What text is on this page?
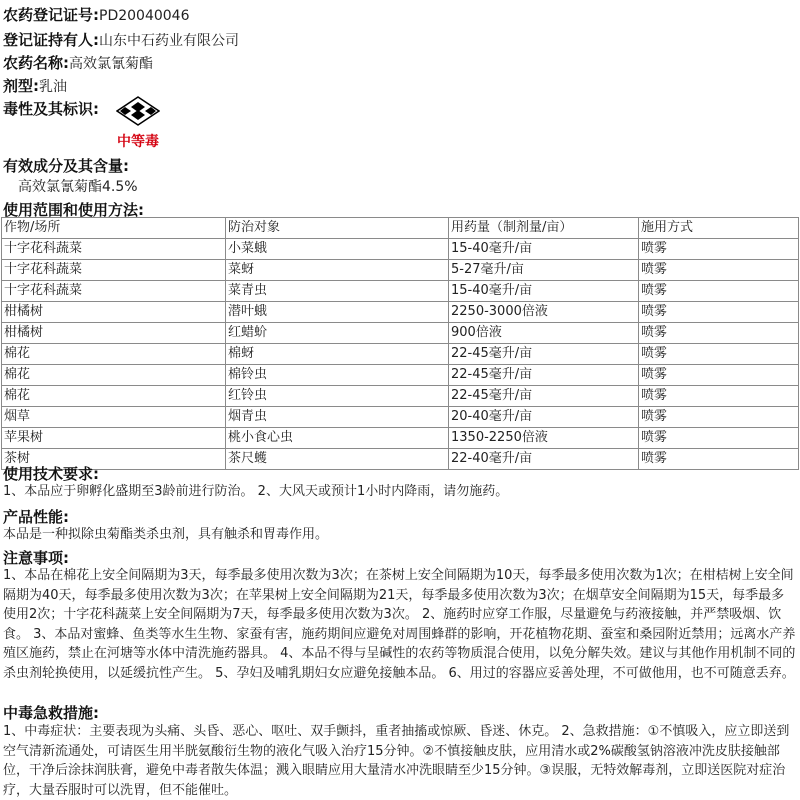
农药登记证号:PD20040046
登记证持有人:山东中石药业有限公司
农药名称:高效氯氰菊酯
剂型:乳油
毒性及其标识:
中等毒
有效成分及其含量:
高效氯氰菊酯4.5%
使用范围和使用方法:
作物/场所	防治对象	用药量（制剂量/亩）	施用方式
十字花科蔬菜	小菜蛾	15-40毫升/亩	喷雾
十字花科蔬菜	菜蚜	5-27毫升/亩	喷雾
十字花科蔬菜	菜青虫	15-40毫升/亩	喷雾
柑橘树	潜叶蛾	2250-3000倍液	喷雾
柑橘树	红蜡蚧	900倍液	喷雾
棉花	棉蚜	22-45毫升/亩	喷雾
棉花	棉铃虫	22-45毫升/亩	喷雾
棉花	红铃虫	22-45毫升/亩	喷雾
烟草	烟青虫	20-40毫升/亩	喷雾
苹果树	桃小食心虫	1350-2250倍液	喷雾
茶树	茶尺蠖	22-40毫升/亩	喷雾
使用技术要求:
1、本品应于卵孵化盛期至3龄前进行防治。 2、大风天或预计1小时内降雨，请勿施药。
产品性能:
本品是一种拟除虫菊酯类杀虫剂，具有触杀和胃毒作用。
注意事项:
1、本品在棉花上安全间隔期为3天，每季最多使用次数为3次；在茶树上安全间隔期为10天，每季最多使用次数为1次；在柑桔树上安全间隔期为40天，每季最多使用次数为3次；在苹果树上安全间隔期为21天，每季最多使用次数为3次；在烟草安全间隔期为15天，每季最多使用2次；十字花科蔬菜上安全间隔期为7天，每季最多使用次数为3次。 2、施药时应穿工作服，尽量避免与药液接触，并严禁吸烟、饮食。 3、本品对蜜蜂、鱼类等水生生物、家蚕有害，施药期间应避免对周围蜂群的影响，开花植物花期、蚕室和桑园附近禁用；远离水产养殖区施药，禁止在河塘等水体中清洗施药器具。 4、本品不得与呈碱性的农药等物质混合使用，以免分解失效。建议与其他作用机制不同的杀虫剂轮换使用，以延缓抗性产生。 5、孕妇及哺乳期妇女应避免接触本品。 6、用过的容器应妥善处理，不可做他用，也不可随意丢弃。
中毒急救措施:
1、中毒症状：主要表现为头痛、头昏、恶心、呕吐、双手颤抖，重者抽搐或惊厥、昏迷、休克。 2、急救措施：①不慎吸入，应立即送到空气清新流通处，可请医生用半胱氨酸衍生物的液化气吸入治疗15分钟。②不慎接触皮肤，应用清水或2%碳酸氢钠溶液冲洗皮肤接触部位，干净后涂抹润肤膏，避免中毒者散失体温；溅入眼睛应用大量清水冲洗眼睛至少15分钟。③误服，无特效解毒剂，立即送医院对症治疗，大量吞服时可以洗胃，但不能催吐。
